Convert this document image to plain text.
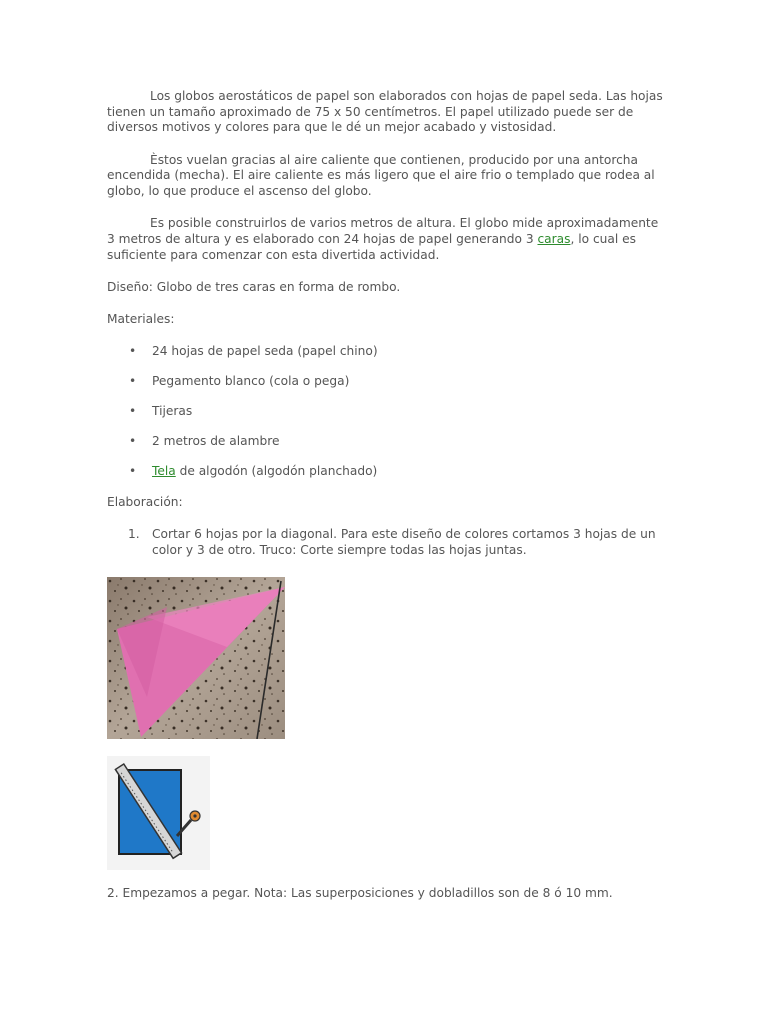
Los globos aerostáticos de papel son elaborados con hojas de papel seda. Las hojas tienen un tamaño aproximado de 75 x 50 centímetros. El papel utilizado puede ser de diversos motivos y colores para que le dé un mejor acabado y vistosidad.

Èstos vuelan gracias al aire caliente que contienen, producido por una antorcha encendida (mecha). El aire caliente es más ligero que el aire frio o templado que rodea al globo, lo que produce el ascenso del globo.

Es posible construirlos de varios metros de altura. El globo mide aproximadamente 3 metros de altura y es elaborado con 24 hojas de papel generando 3 caras, lo cual es suficiente para comenzar con esta divertida actividad.

Diseño: Globo de tres caras en forma de rombo.

Materiales:

• 24 hojas de papel seda (papel chino)
• Pegamento blanco (cola o pega)
• Tijeras
• 2 metros de alambre
• Tela de algodón (algodón planchado)

Elaboración:

1. Cortar 6 hojas por la diagonal. Para este diseño de colores cortamos 3 hojas de un color y 3 de otro. Truco: Corte siempre todas las hojas juntas.

2. Empezamos a pegar. Nota: Las superposiciones y dobladillos son de 8 ó 10 mm.
